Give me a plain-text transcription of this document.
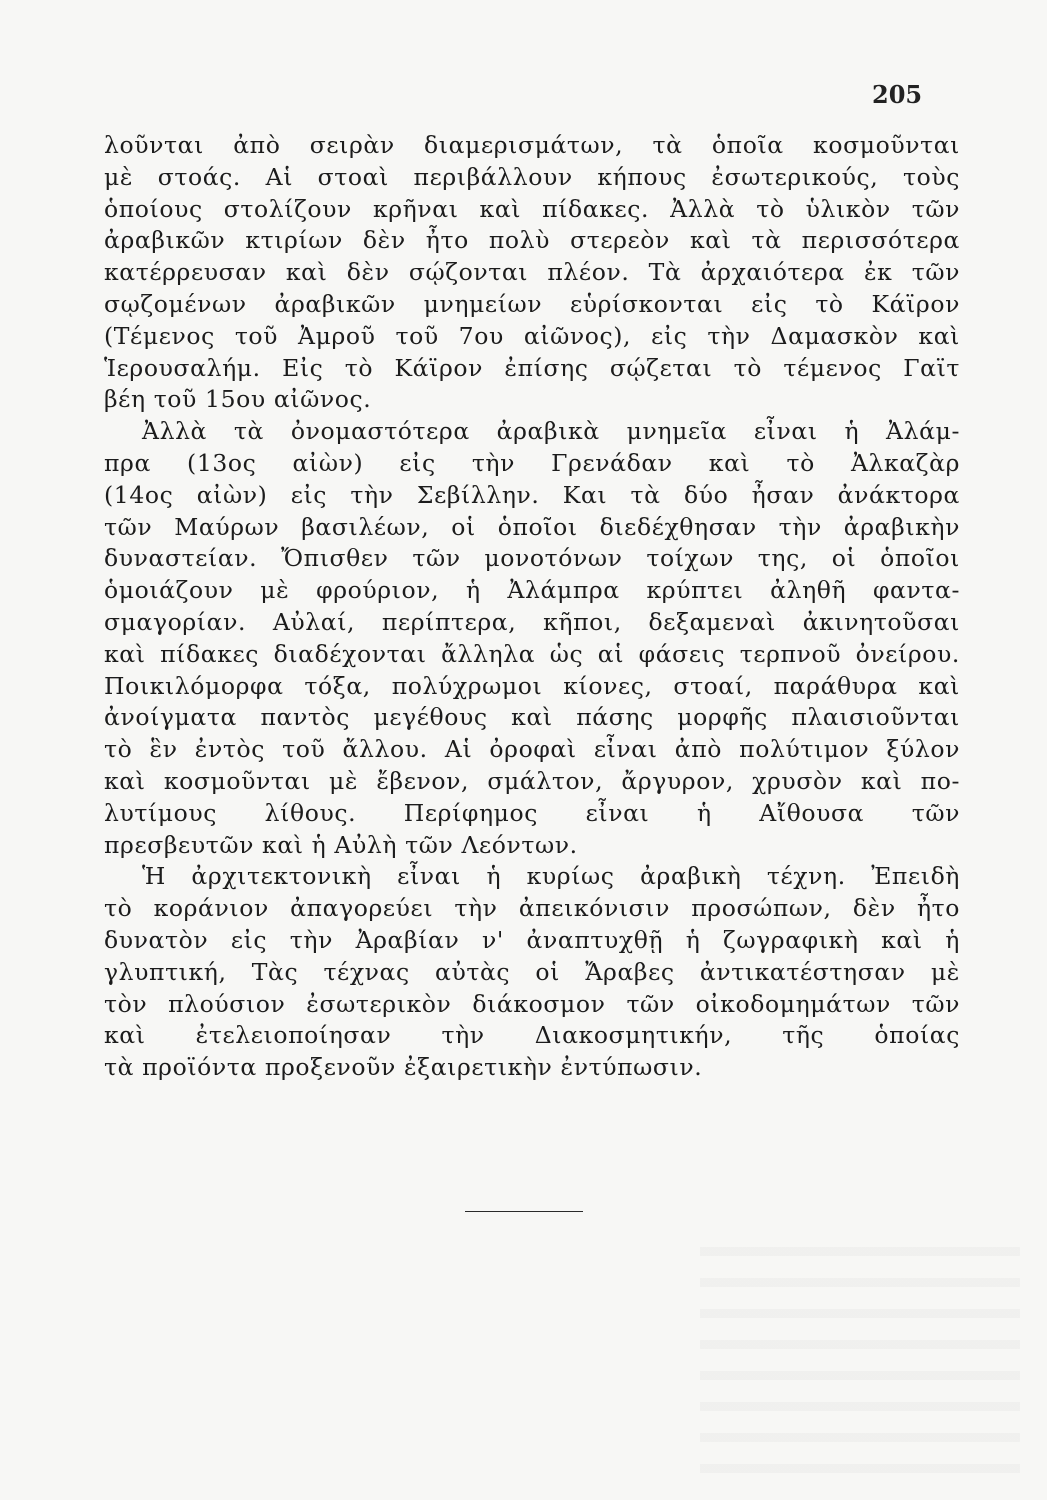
205
λοῦνται ἀπὸ σειρὰν διαμερισμάτων, τὰ ὁποῖα κοσμοῦνται
μὲ στοάς. Αἱ στοαὶ περιβάλλουν κήπους ἐσωτερικούς, τοὺς
ὁποίους στολίζουν κρῆναι καὶ πίδακες. Ἀλλὰ τὸ ὑλικὸν τῶν
ἀραβικῶν κτιρίων δὲν ἦτο πολὺ στερεὸν καὶ τὰ περισσότερα
κατέρρευσαν καὶ δὲν σῴζονται πλέον. Τὰ ἀρχαιότερα ἐκ τῶν
σῳζομένων ἀραβικῶν μνημείων εὑρίσκονται εἰς τὸ Κάϊρον
(Τέμενος τοῦ Ἀμροῦ τοῦ 7ου αἰῶνος), εἰς τὴν Δαμασκὸν καὶ
Ἱερουσαλήμ. Εἰς τὸ Κάϊρον ἐπίσης σῴζεται τὸ τέμενος Γαϊτ
βέη τοῦ 15ου αἰῶνος.
Ἀλλὰ τὰ ὀνομαστότερα ἀραβικὰ μνημεῖα εἶναι ἡ Ἀλάμ-
πρα (13ος αἰὼν) εἰς τὴν Γρενάδαν καὶ τὸ Ἀλκαζὰρ
(14ος αἰὼν) εἰς τὴν Σεβίλλην. Και τὰ δύο ἦσαν ἀνάκτορα
τῶν Μαύρων βασιλέων, οἱ ὁποῖοι διεδέχθησαν τὴν ἀραβικὴν
δυναστείαν. Ὄπισθεν τῶν μονοτόνων τοίχων της, οἱ ὁποῖοι
ὁμοιάζουν μὲ φρούριον, ἡ Ἀλάμπρα κρύπτει ἀληθῆ φαντα-
σμαγορίαν. Αὐλαί, περίπτερα, κῆποι, δεξαμεναὶ ἀκινητοῦσαι
καὶ πίδακες διαδέχονται ἄλληλα ὡς αἱ φάσεις τερπνοῦ ὀνείρου.
Ποικιλόμορφα τόξα, πολύχρωμοι κίονες, στοαί, παράθυρα καὶ
ἀνοίγματα παντὸς μεγέθους καὶ πάσης μορφῆς πλαισιοῦνται
τὸ ἓν ἐντὸς τοῦ ἄλλου. Αἱ ὀροφαὶ εἶναι ἀπὸ πολύτιμον ξύλον
καὶ κοσμοῦνται μὲ ἔβενον, σμάλτον, ἄργυρον, χρυσὸν καὶ πο-
λυτίμους λίθους. Περίφημος εἶναι ἡ Αἴθουσα τῶν
πρεσβευτῶν καὶ ἡ Αὐλὴ τῶν Λεόντων.
Ἡ ἀρχιτεκτονικὴ εἶναι ἡ κυρίως ἀραβικὴ τέχνη. Ἐπειδὴ
τὸ κοράνιον ἀπαγορεύει τὴν ἀπεικόνισιν προσώπων, δὲν ἦτο
δυνατὸν εἰς τὴν Ἀραβίαν ν' ἀναπτυχθῇ ἡ ζωγραφικὴ καὶ ἡ
γλυπτική, Τὰς τέχνας αὐτὰς οἱ Ἄραβες ἀντικατέστησαν μὲ
τὸν πλούσιον ἐσωτερικὸν διάκοσμον τῶν οἰκοδομημάτων τῶν
καὶ ἐτελειοποίησαν τὴν Διακοσμητικήν, τῆς ὁποίας
τὰ προϊόντα προξενοῦν ἐξαιρετικὴν ἐντύπωσιν.
